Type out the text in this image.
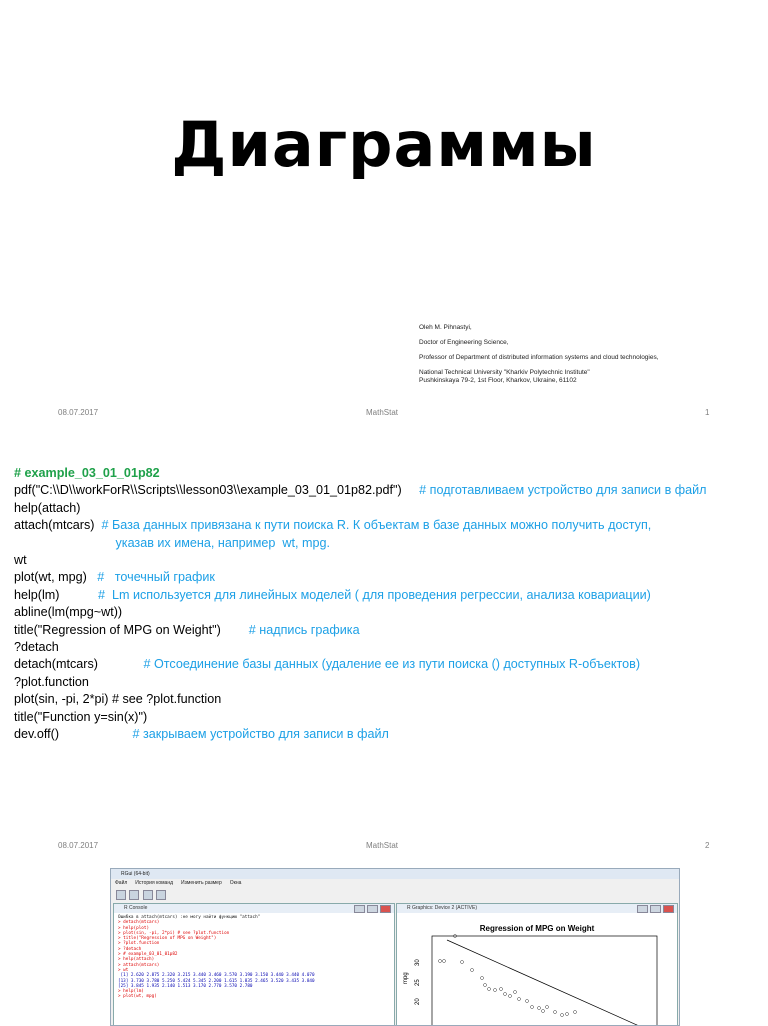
Диаграммы
Oleh M. Pihnastyi,
Doctor of Engineering Science,
Professor of Department of distributed information systems and cloud technologies,
National Technical University "Kharkiv Polytechnic Institute"
Pushkinskaya 79-2, 1st Floor, Kharkov, Ukraine, 61102
08.07.2017	MathStat	1
# example_03_01_01p82
pdf("C:\\D\\workForR\\Scripts\\lesson03\\example_03_01_01p82.pdf")     # подготавливаем устройство для записи в файл
help(attach)
attach(mtcars)  # База данных привязана к пути поиска R. К объектам в базе данных можно получить доступ,
указав их имена, например  wt, mpg.
wt
plot(wt, mpg)   #   точечный график
help(lm)           #  Lm используется для линейных моделей ( для проведения регрессии, анализа ковариации)
abline(lm(mpg~wt))
title("Regression of MPG on Weight")        # надпись графика
?detach
detach(mtcars)             # Отсоединение базы данных (удаление ее из пути поиска () доступных R-объектов)
?plot.function
plot(sin, -pi, 2*pi) # see ?plot.function
title("Function y=sin(x)")
dev.off()                     # закрываем устройство для записи в файл
08.07.2017	MathStat	2
RGui (64-bit)
Файл История команд Изменить размер Окна

R Console
Ошибка в attach(mtcars) :не могу найти функцию "attach"
> detach(mtcars)
> help(plot)
> plot(sin, -pi, 2*pi) # see ?plot.function
> title("Regression of MPG on Weight")
> ?plot.function
> ?detach
> # example_03_01_01p82
> help(attach)
> attach(mtcars)
> wt
[1] 2.620 2.875 2.320 3.215 3.440 3.460 3.570 3.190 3.150 3.440 3.440 4.070
[13] 3.730 3.780 5.250 5.424 5.345 2.200 1.615 1.835 2.465 3.520 3.435 3.840
[25] 3.845 1.935 2.140 1.513 3.170 2.770 3.570 2.780
> help(lm)
> plot(wt, mpg)

R Graphics: Device 2 (ACTIVE)
Regression of MPG on Weight
mpg
30
25
20
